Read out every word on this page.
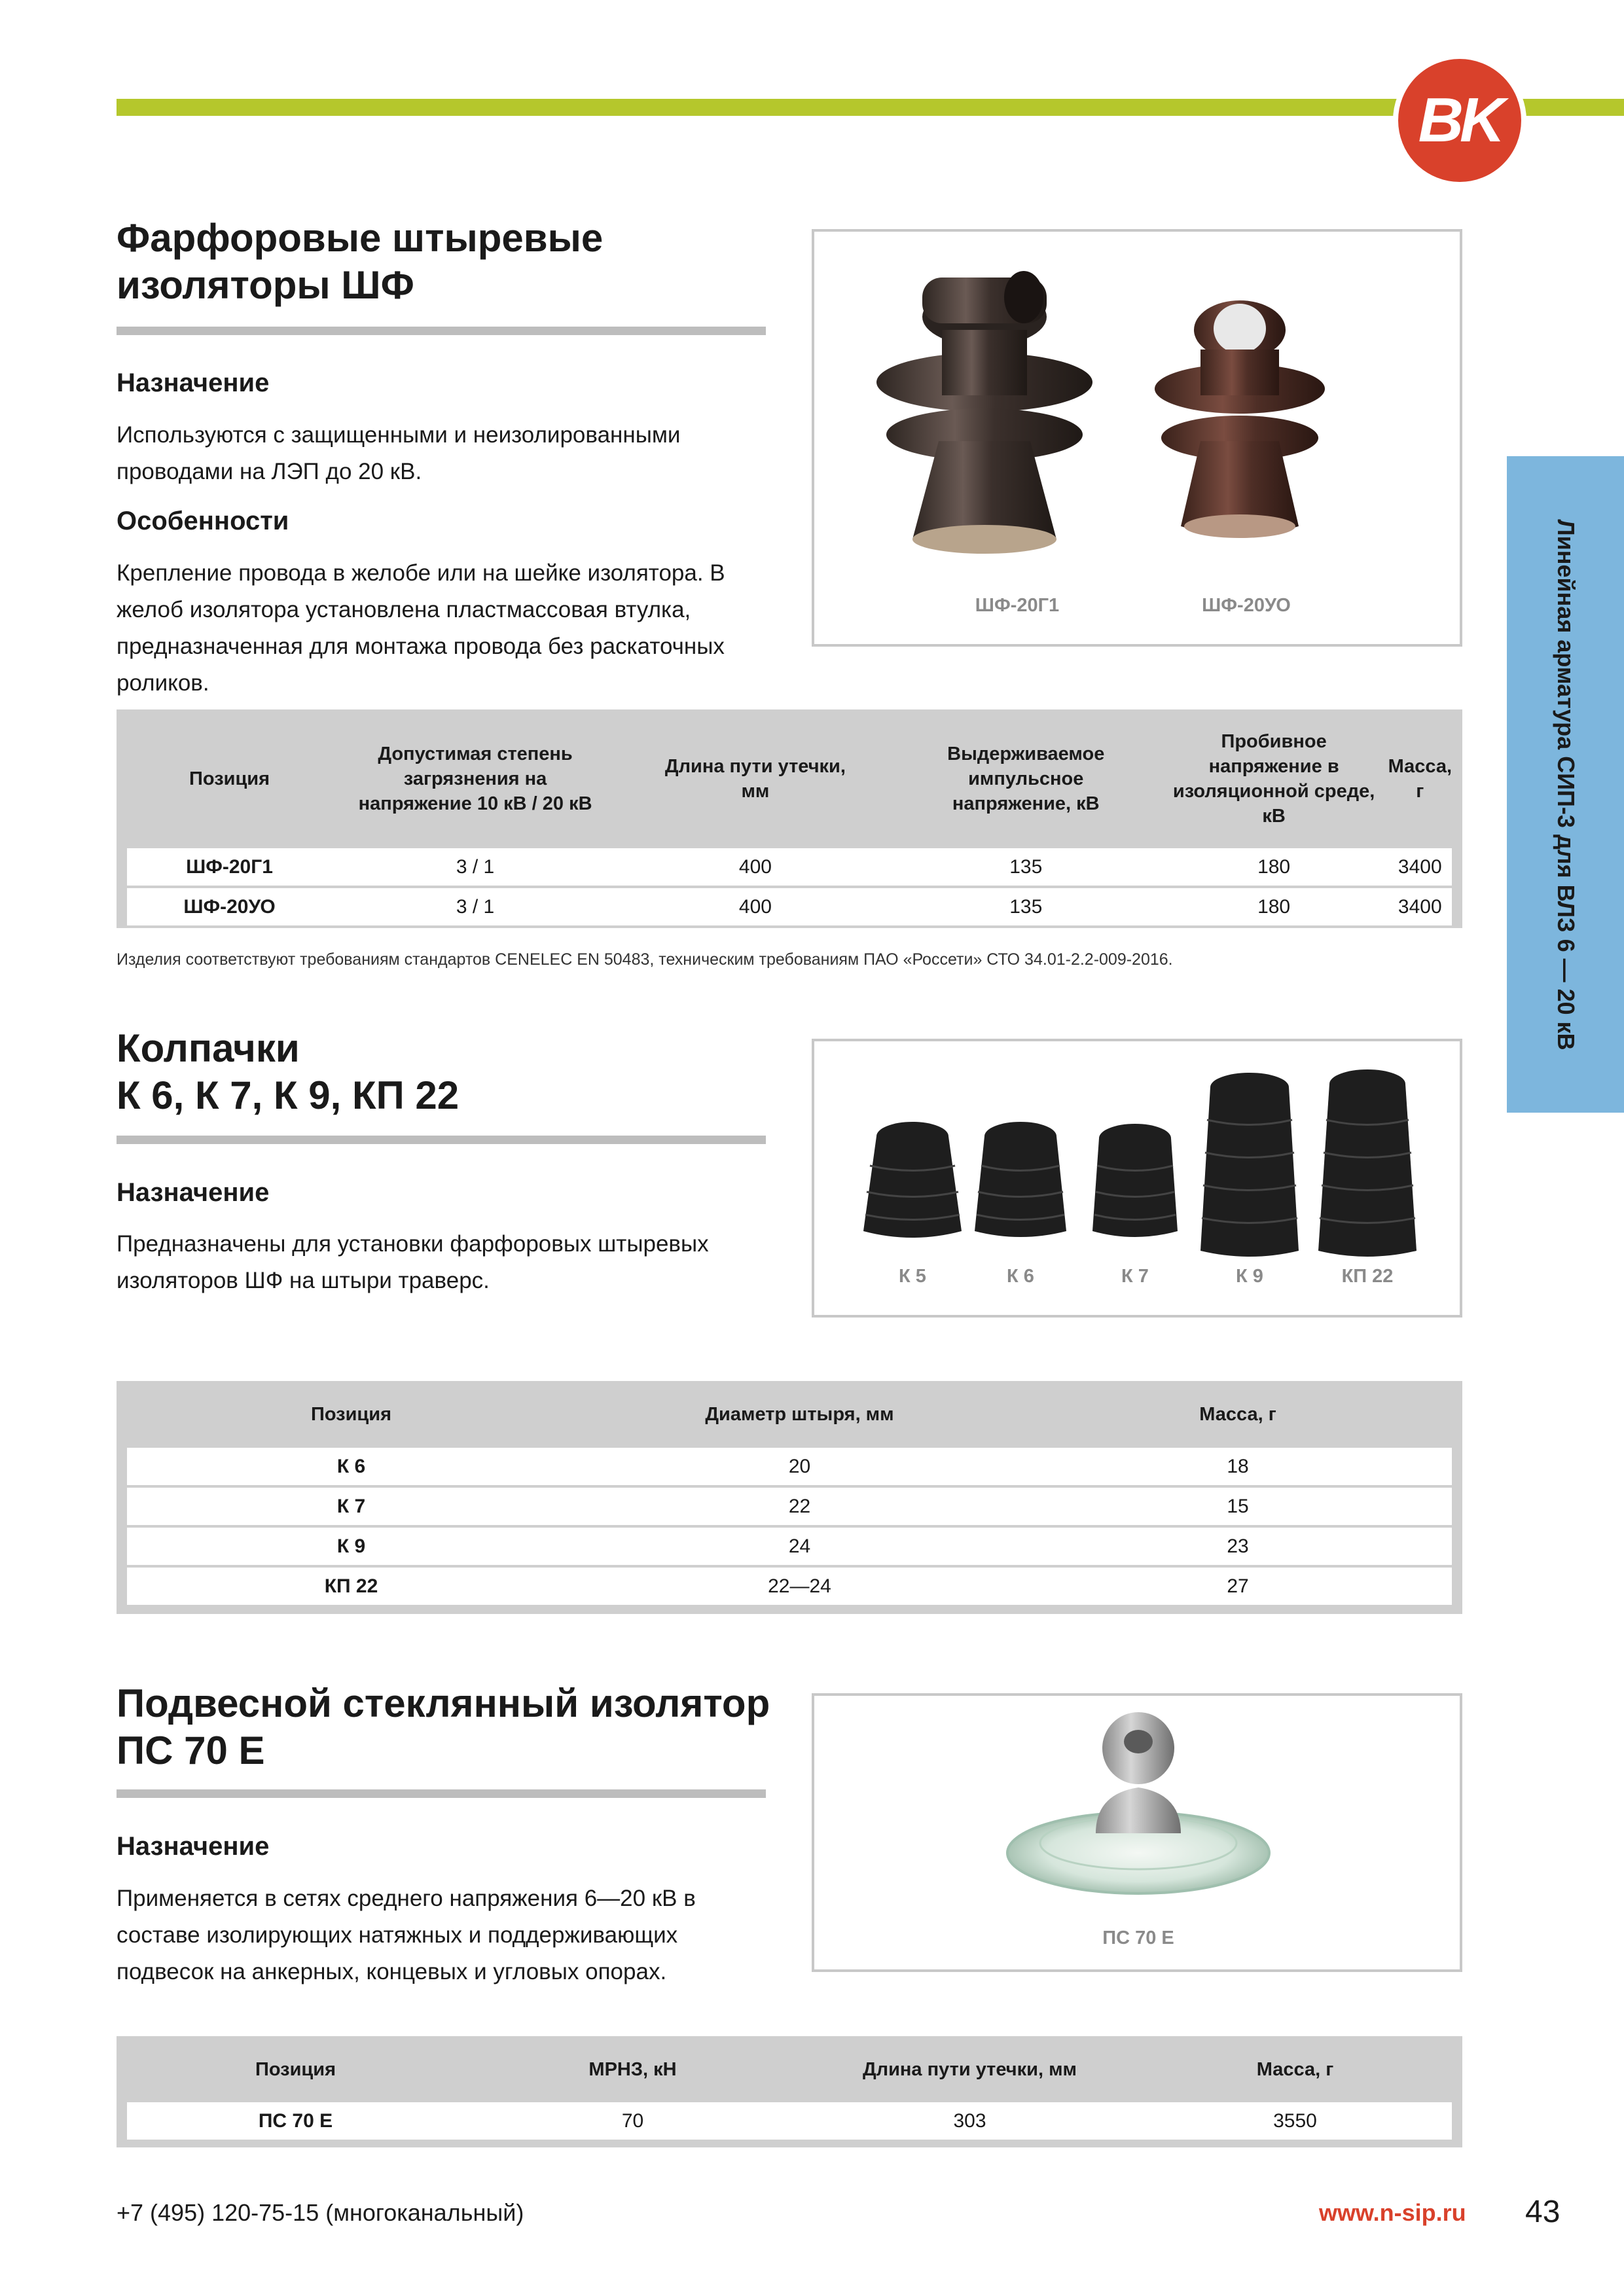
BK
Линейная арматура СИП-3 для ВЛЗ 6 — 20 кВ
Фарфоровые штыревые
изоляторы ШФ
Назначение

Используются с защищенными и неизолированными проводами на ЛЭП до 20 кВ.

Особенности

Крепление провода в желобе или на шейке изолятора. В желоб изолятора установлена пластмассовая втулка, предназначенная для монтажа провода без раскаточных роликов.

ШФ-20Г1	ШФ-20УО
Позиция	Допустимая степень загрязнения на напряжение 10 кВ / 20 кВ	Длина пути утечки, мм	Выдерживаемое импульсное напряжение, кВ	Пробивное напряжение в изоляционной среде, кВ	Масса, г
ШФ-20Г1	3 / 1	400	135	180	3400
ШФ-20УО	3 / 1	400	135	180	3400
Изделия соответствуют требованиям стандартов CENELEC EN 50483, техническим требованиям ПАО «Россети» СТО 34.01-2.2-009-2016.
Колпачки
К 6, К 7, К 9, КП 22
Назначение

Предназначены для установки фарфоровых штыревых изоляторов ШФ на штыри траверс.	К 5	К 6	К 7	К 9	КП 22
Позиция	Диаметр штыря, мм	Масса, г
К 6	20	18
К 7	22	15
К 9	24	23
КП 22	22—24	27
Подвесной стеклянный изолятор
ПС 70 Е
Назначение

Применяется в сетях среднего напряжения 6—20 кВ в составе изолирующих натяжных и поддерживающих подвесок на анкерных, концевых и угловых опорах.

ПС 70 Е
Позиция	МРНЗ, кН	Длина пути утечки, мм	Масса, г
ПС 70 Е	70	303	3550
+7 (495) 120-75-15 (многоканальный)	www.n-sip.ru 43
